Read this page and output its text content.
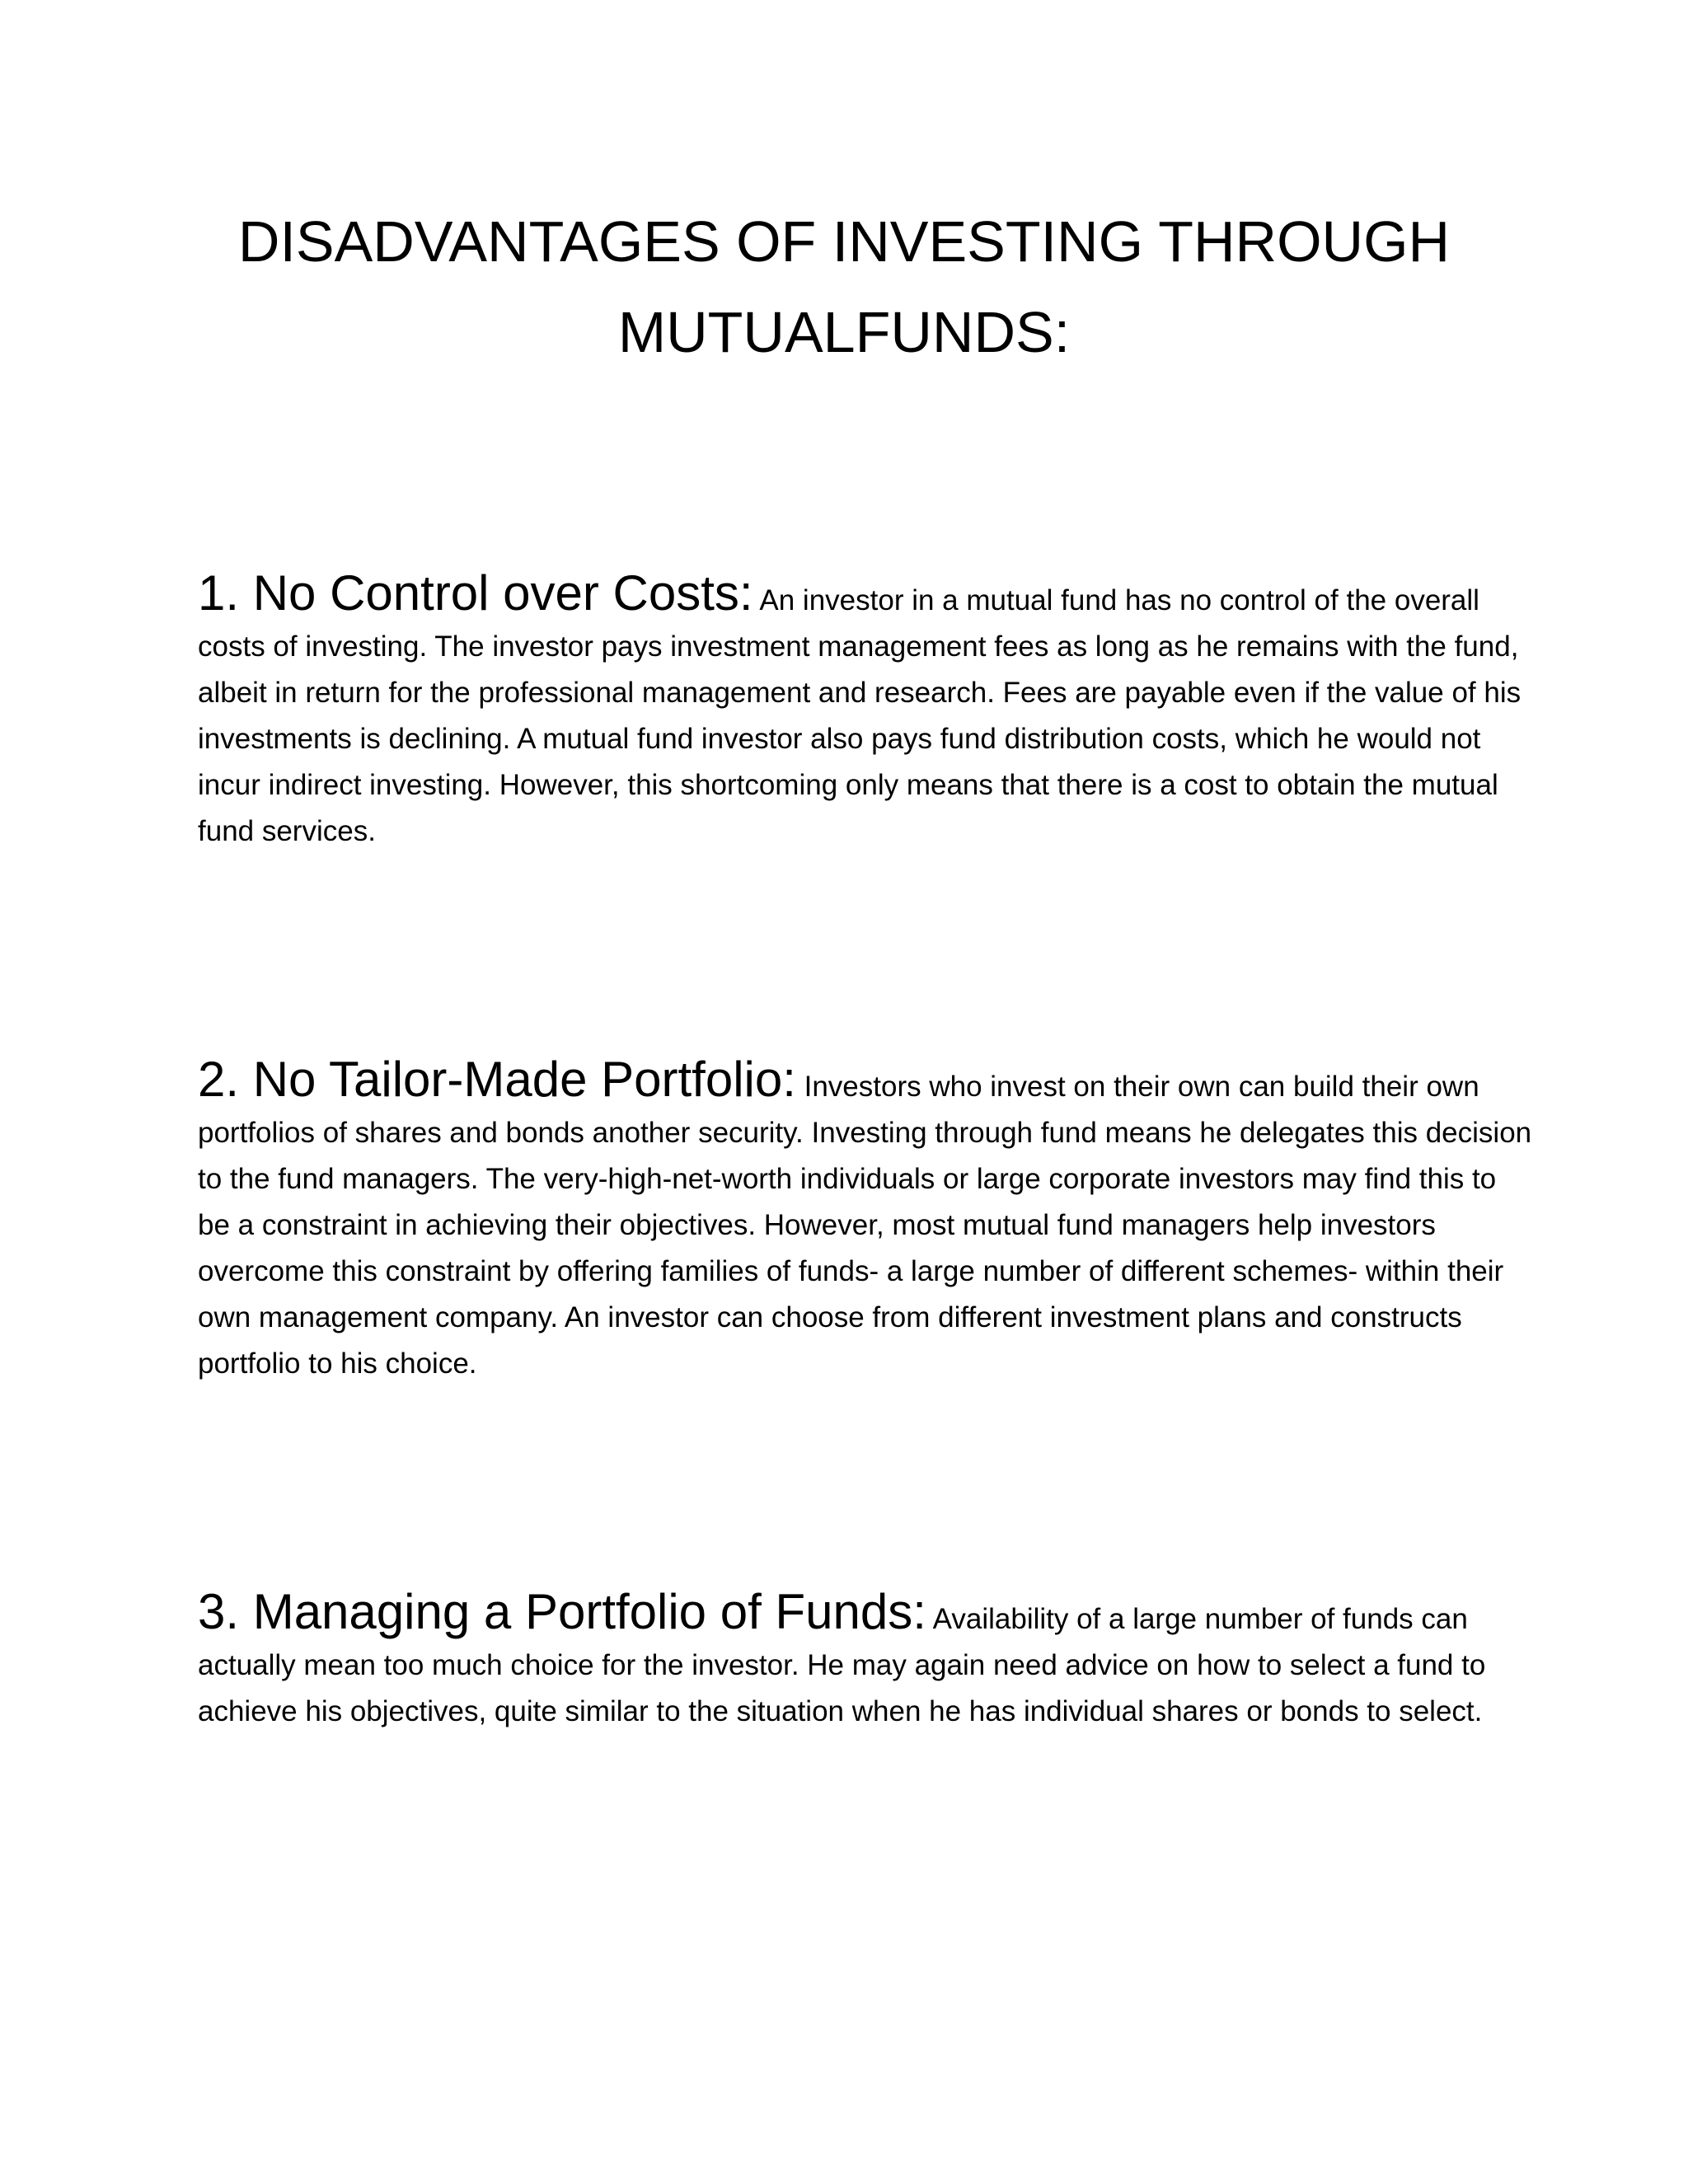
DISADVANTAGES OF INVESTING THROUGH
MUTUALFUNDS:

1. No Control over Costs: An investor in a mutual fund has no control of the overall costs of investing. The investor pays investment management fees as long as he remains with the fund, albeit in return for the professional management and research. Fees are payable even if the value of his investments is declining. A mutual fund investor also pays fund distribution costs, which he would not incur indirect investing. However, this shortcoming only means that there is a cost to obtain the mutual fund services.

2. No Tailor-Made Portfolio: Investors who invest on their own can build their own portfolios of shares and bonds another security. Investing through fund means he delegates this decision to the fund managers. The very-high-net-worth individuals or large corporate investors may find this to be a constraint in achieving their objectives. However, most mutual fund managers help investors overcome this constraint by offering families of funds- a large number of different schemes- within their own management company. An investor can choose from different investment plans and constructs portfolio to his choice.

3. Managing a Portfolio of Funds: Availability of a large number of funds can actually mean too much choice for the investor. He may again need advice on how to select a fund to achieve his objectives, quite similar to the situation when he has individual shares or bonds to select.
